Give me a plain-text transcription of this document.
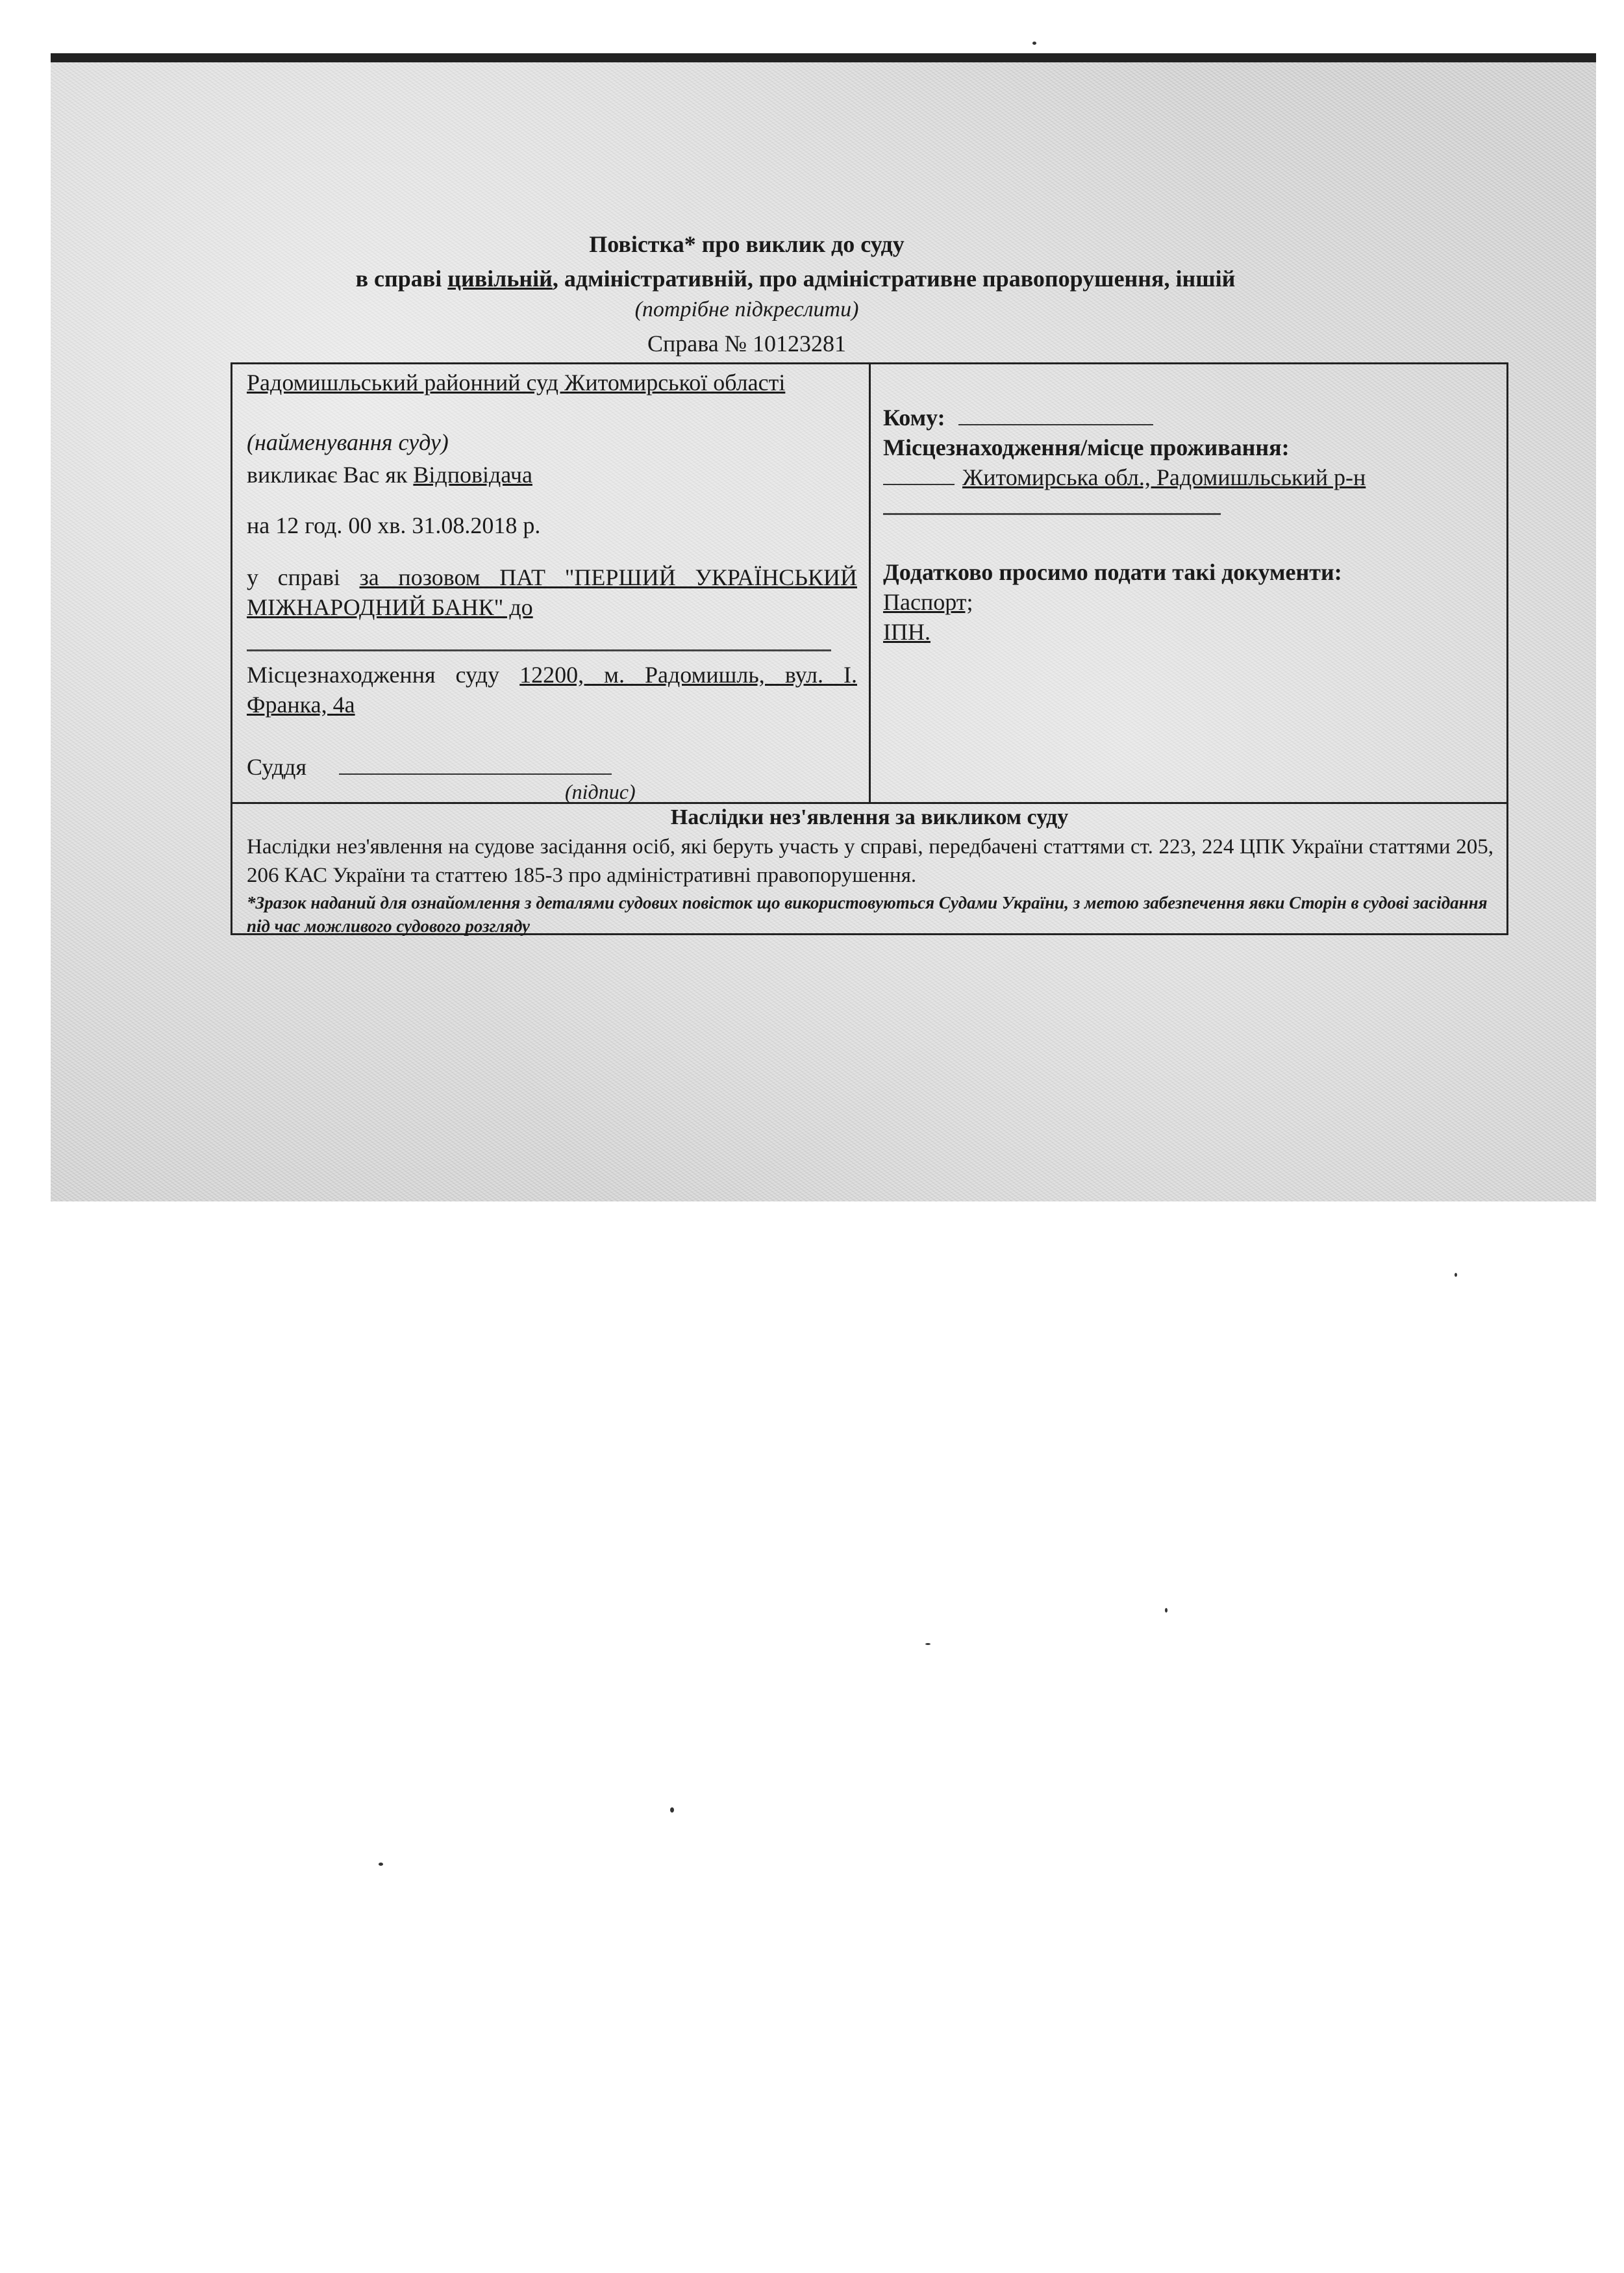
Повістка* про виклик до суду
в справі цивільній, адміністративній, про адміністративне правопорушення, іншій
(потрібне підкреслити)
Справа № 10123281
Радомишльський районний суд Житомирської області
(найменування суду)
викликає Вас як Відповідача
на 12 год. 00 хв. 31.08.2018 р.
у справі за позовом ПАТ "ПЕРШИЙ УКРАЇНСЬКИЙ МІЖНАРОДНИЙ БАНК" до
Місцезнаходження суду 12200, м. Радомишль, вул. І. Франка, 4а
Суддя
(підпис)
Кому:
Місцезнаходження/місце проживання:
Житомирська обл., Радомишльський р-н
Додатково просимо подати такі документи:
Паспорт;
ІПН.
Наслідки нез'явлення за викликом суду
Наслідки нез'явлення на судове засідання осіб, які беруть участь у справі, передбачені статтями ст. 223, 224 ЦПК України статтями 205, 206 КАС України та статтею 185-3 про адміністративні правопорушення.
*Зразок наданий для ознайомлення з деталями судових повісток що використовуються Судами України, з метою забезпечення явки Сторін в судові засідання під час можливого судового розгляду
